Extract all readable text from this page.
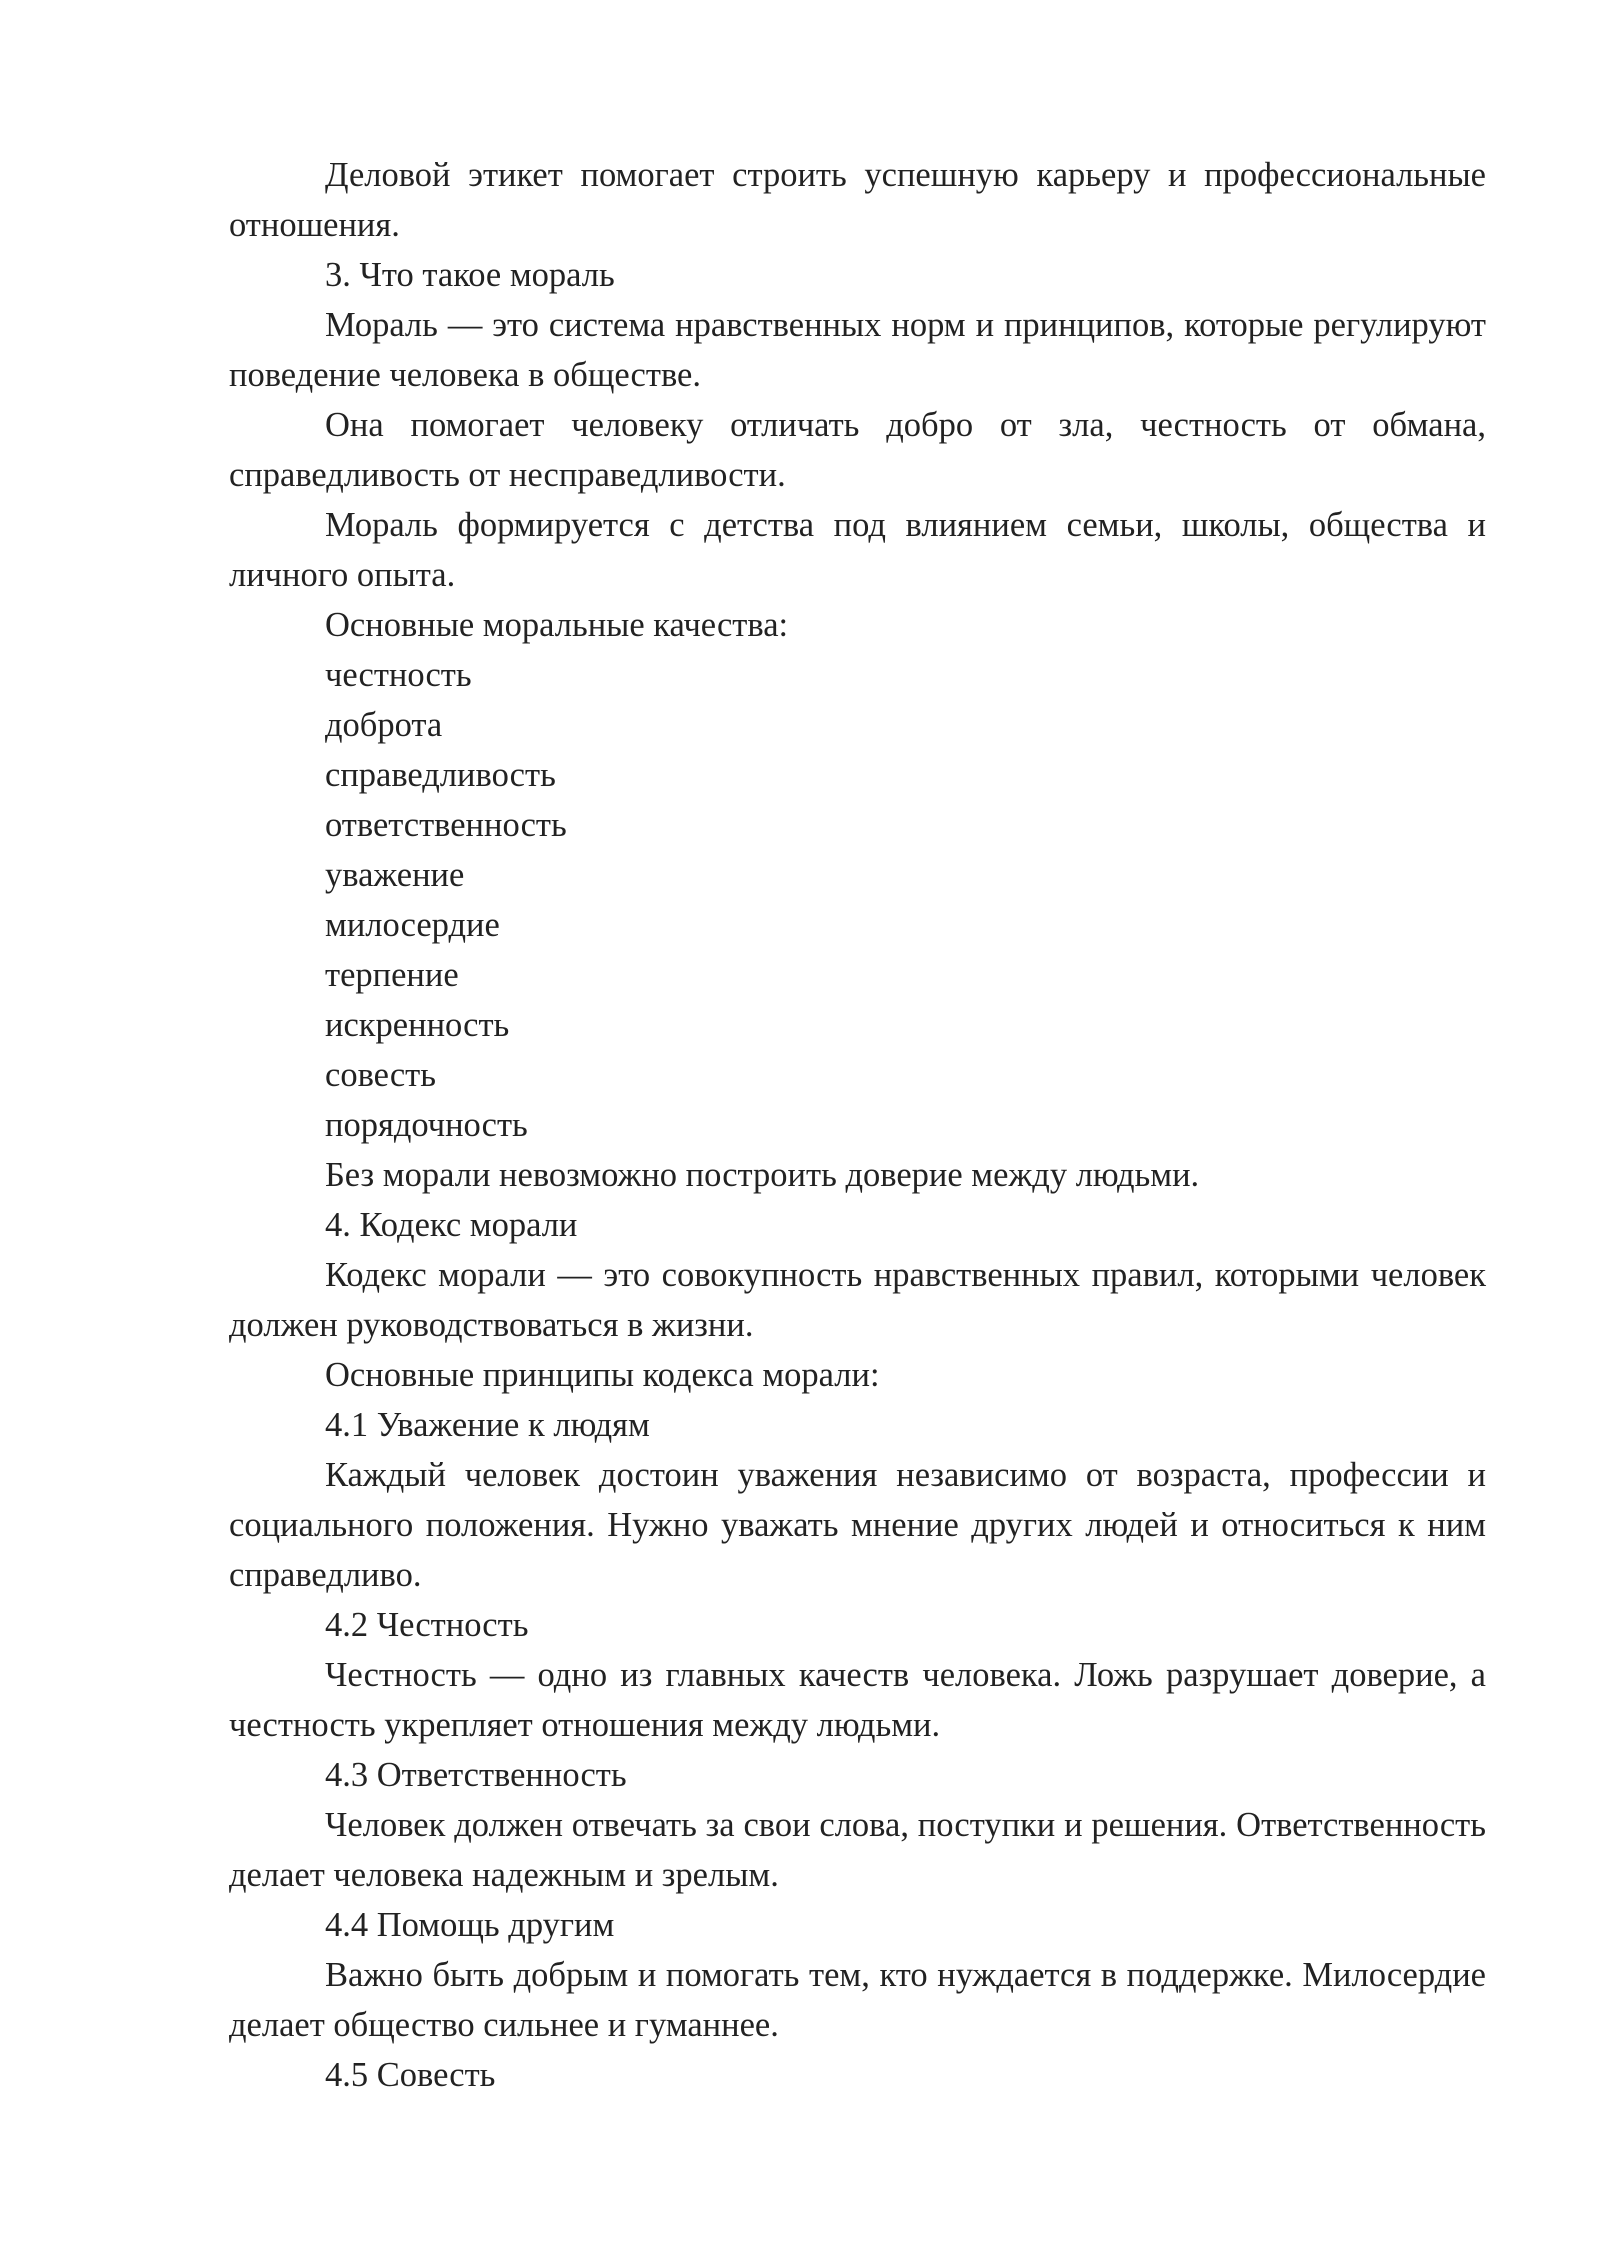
Деловой этикет помогает строить успешную карьеру и профессиональные отношения.

3. Что такое мораль

Мораль — это система нравственных норм и принципов, которые регулируют поведение человека в обществе.

Она помогает человеку отличать добро от зла, честность от обмана, справедливость от несправедливости.

Мораль формируется с детства под влиянием семьи, школы, общества и личного опыта.

Основные моральные качества:

честность
доброта
справедливость
ответственность
уважение
милосердие
терпение
искренность
совесть
порядочность

Без морали невозможно построить доверие между людьми.

4. Кодекс морали

Кодекс морали — это совокупность нравственных правил, которыми человек должен руководствоваться в жизни.

Основные принципы кодекса морали:

4.1 Уважение к людям

Каждый человек достоин уважения независимо от возраста, профессии и социального положения. Нужно уважать мнение других людей и относиться к ним справедливо.

4.2 Честность

Честность — одно из главных качеств человека. Ложь разрушает доверие, а честность укрепляет отношения между людьми.

4.3 Ответственность

Человек должен отвечать за свои слова, поступки и решения. Ответственность делает человека надежным и зрелым.

4.4 Помощь другим

Важно быть добрым и помогать тем, кто нуждается в поддержке. Милосердие делает общество сильнее и гуманнее.

4.5 Совесть
